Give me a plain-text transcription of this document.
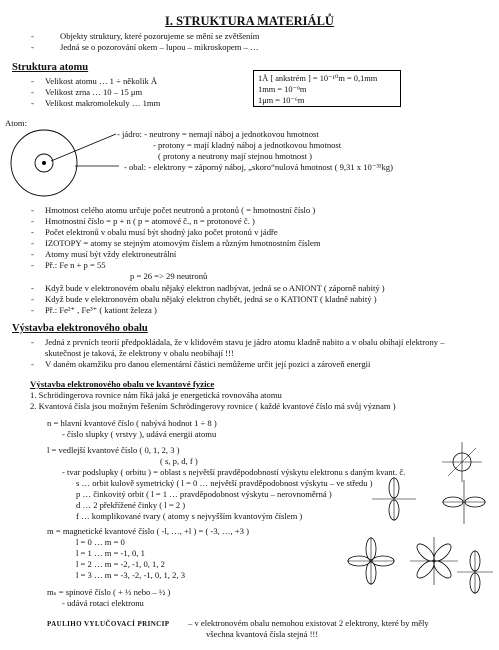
I. STRUKTURA MATERIÁLŮ
-	Objekty struktury, které pozorujeme se mění se zvětšením
-	Jedná se o pozorování okem – lupou – mikroskopem – …
Struktura atomu
- Velikost atomu … 1 ÷ několik Å
- Velikost zrna … 10 – 15 μm
- Velikost makromolekuly … 1mm
1Å [ ankstrém ] = 10⁻¹⁰m = 0,1mm
1mm = 10⁻⁹m
1μm = 10⁻⁶m
Atom:
- jádro: - neutrony = nemají náboj a jednotkovou hmotnost
- protony = mají kladný náboj a jednotkovou hmotnost
( protony a neutrony mají stejnou hmotnost )
- obal: - elektrony = záporný náboj, „skoro“nulová hmotnost ( 9,31 x 10⁻³¹kg)
- Hmotnost celého atomu určuje počet neutronů a protonů ( = hmotnostní číslo )
- Hmotnostní číslo = p + n ( p = atomové č., n = protonové č. )
- Počet elektronů v obalu musí být shodný jako počet protonů v jádře
- IZOTOPY = atomy se stejným atomovým číslem a různým hmotnostním číslem
- Atomy musí být vždy elektroneutrální
- Př.: Fe n + p = 55
p = 26 => 29 neutronů
- Když bude v elektronovém obalu nějaký elektron nadbývat, jedná se o ANIONT ( záporně nabitý )
- Když bude v elektronovém obalu nějaký elektron chybět, jedná se o KATIONT ( kladně nabitý )
- Př.: Fe²⁺ , Fe³⁺ ( kationt železa )
Výstavba elektronového obalu
- Jedná z prvních teorií předpokládala, že v klidovém stavu je jádro atomu kladně nabito a v obalu obíhají elektrony –
skutečnost je taková, že elektrony v obalu neobíhají !!!
- V daném okamžiku pro danou elementární částici nemůžeme určit její pozici a zároveň energii
Výstavba elektronového obalu ve kvantové fyzice
1. Schrödingerova rovnice nám říká jaká je energetická rovnováha atomu
2. Kvantová čísla jsou možným řešením Schrödingerovy rovnice ( každé kvantové číslo má svůj význam )
n = hlavní kvantové číslo ( nabývá hodnot 1 ÷ 8 )
- číslo slupky ( vrstvy ), udává energii atomu
l = vedlejší kvantové číslo ( 0, 1, 2, 3 )
( s, p, d, f )
- tvar podslupky ( orbitu ) = oblast s největší pravděpodobností výskytu elektronu s daným kvant. č.
s … orbit kulově symetrický ( l = 0 … největší pravděpodobnost výskytu – ve středu )
p … činkovitý orbit ( l = 1 … pravděpodobnost výskytu – nerovnoměrná )
d … 2 překřížené činky ( l = 2 )
f … komplikované tvary ( atomy s nejvyšším kvantovým číslem )
m = magnetické kvantové číslo ( -l, …, +l ) = ( -3, …, +3 )
l = 0 … m = 0
l = 1 … m = -1, 0, 1
l = 2 … m = -2, -1, 0, 1, 2
l = 3 … m = -3, -2, -1, 0, 1, 2, 3
mₛ = spinové číslo ( + ½ nebo – ½ )
- udává rotaci elektronu
PAULIHO VYLUČOVACÍ PRINCIP – v elektronovém obalu nemohou existovat 2 elektrony, které by měly
všechna kvantová čísla stejná !!!
